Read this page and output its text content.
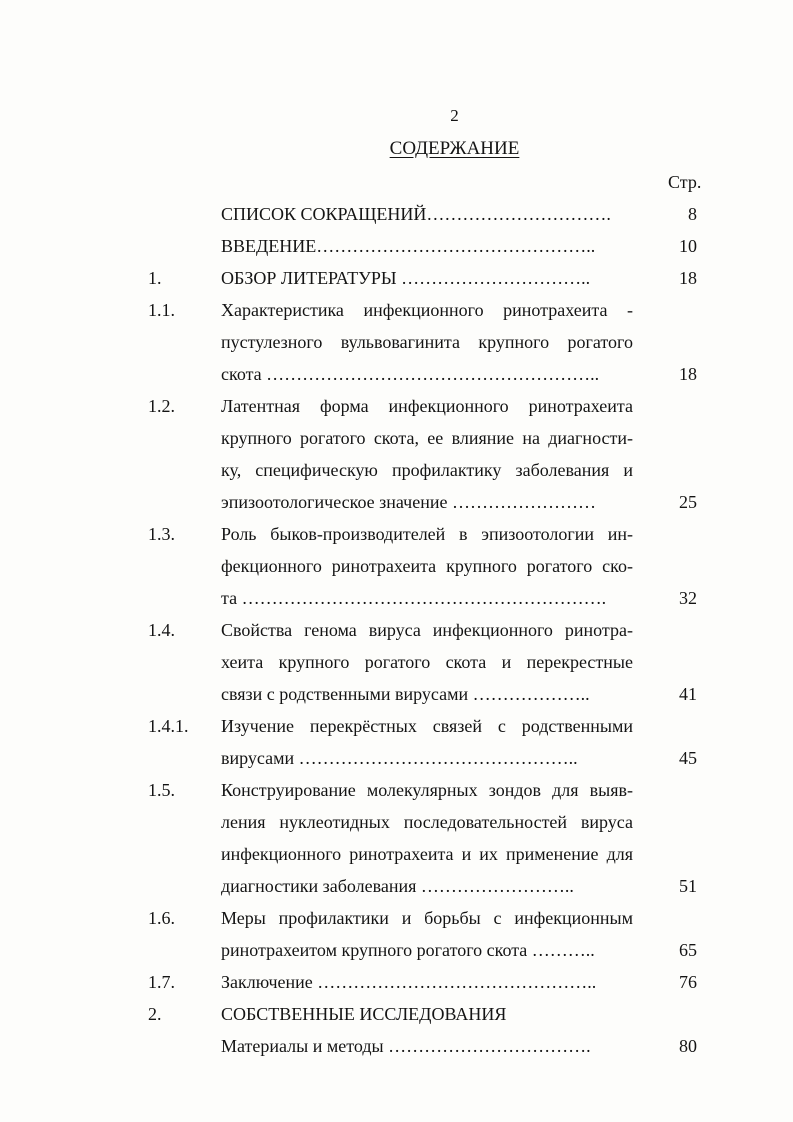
2
СОДЕРЖАНИЕ
Стр.
СПИСОК СОКРАЩЕНИЙ………………………….	8
ВВЕДЕНИЕ………………………………………..	10
1.	ОБЗОР ЛИТЕРАТУРЫ …………………………..	18
1.1.	Характеристика инфекционного ринотрахеита -
пустулезного вульвовагинита крупного рогатого
скота ………………………………………………..	18
1.2.	Латентная форма инфекционного ринотрахеита
крупного рогатого скота, ее влияние на диагности-
ку, специфическую профилактику заболевания и
эпизоотологическое значение ……………………	25
1.3.	Роль быков-производителей в эпизоотологии ин-
фекционного ринотрахеита крупного рогатого ско-
та …………………………………………………….	32
1.4.	Свойства генома вируса инфекционного ринотра-
хеита крупного рогатого скота и перекрестные
связи с родственными вирусами ………………..	41
1.4.1. Изучение перекрёстных связей с родственными
вирусами ………………………………………..	45
1.5.	Конструирование молекулярных зондов для выяв-
ления нуклеотидных последовательностей вируса
инфекционного ринотрахеита и их применение для
диагностики заболевания ……………………..	51
1.6.	Меры профилактики и борьбы с инфекционным
ринотрахеитом крупного рогатого скота ………..	65
1.7.	Заключение ………………………………………..	76
2.	СОБСТВЕННЫЕ ИССЛЕДОВАНИЯ
Материалы и методы …………………………….	80
